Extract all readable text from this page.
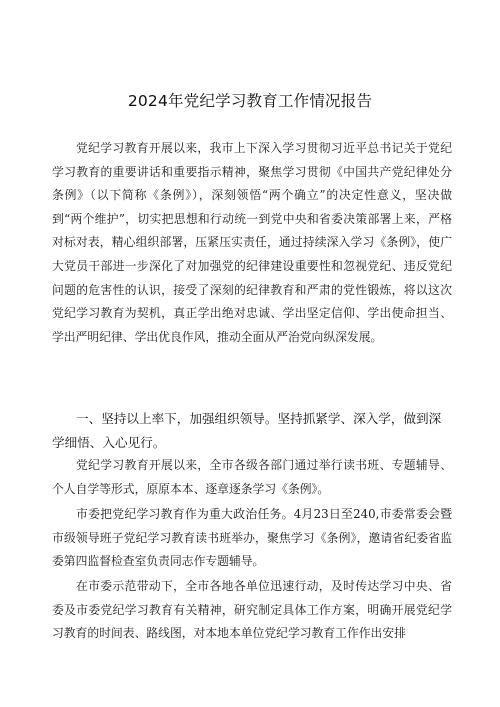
2024年党纪学习教育工作情况报告

党纪学习教育开展以来，我市上下深入学习贯彻习近平总书记关于党纪学习教育的重要讲话和重要指示精神，聚焦学习贯彻《中国共产党纪律处分条例》（以下简称《条例》），深刻领悟“两个确立”的决定性意义，坚决做到“两个维护”，切实把思想和行动统一到党中央和省委决策部署上来，严格对标对表，精心组织部署，压紧压实责任，通过持续深入学习《条例》，使广大党员干部进一步深化了对加强党的纪律建设重要性和忽视党纪、违反党纪问题的危害性的认识，接受了深刻的纪律教育和严肃的党性锻炼，将以这次党纪学习教育为契机，真正学出绝对忠诚、学出坚定信仰、学出使命担当、学出严明纪律、学出优良作风，推动全面从严治党向纵深发展。

一、坚持以上率下，加强组织领导。坚持抓紧学、深入学，做到深学细悟、入心见行。

党纪学习教育开展以来，全市各级各部门通过举行读书班、专题辅导、个人自学等形式，原原本本、逐章逐条学习《条例》。

市委把党纪学习教育作为重大政治任务。4月23日至240,市委常委会暨市级领导班子党纪学习教育读书班举办，聚焦学习《条例》，邀请省纪委省监委第四监督检查室负责同志作专题辅导。

在市委示范带动下，全市各地各单位迅速行动，及时传达学习中央、省委及市委党纪学习教育有关精神，研究制定具体工作方案，明确开展党纪学习教育的时间表、路线图，对本地本单位党纪学习教育工作作出安排
